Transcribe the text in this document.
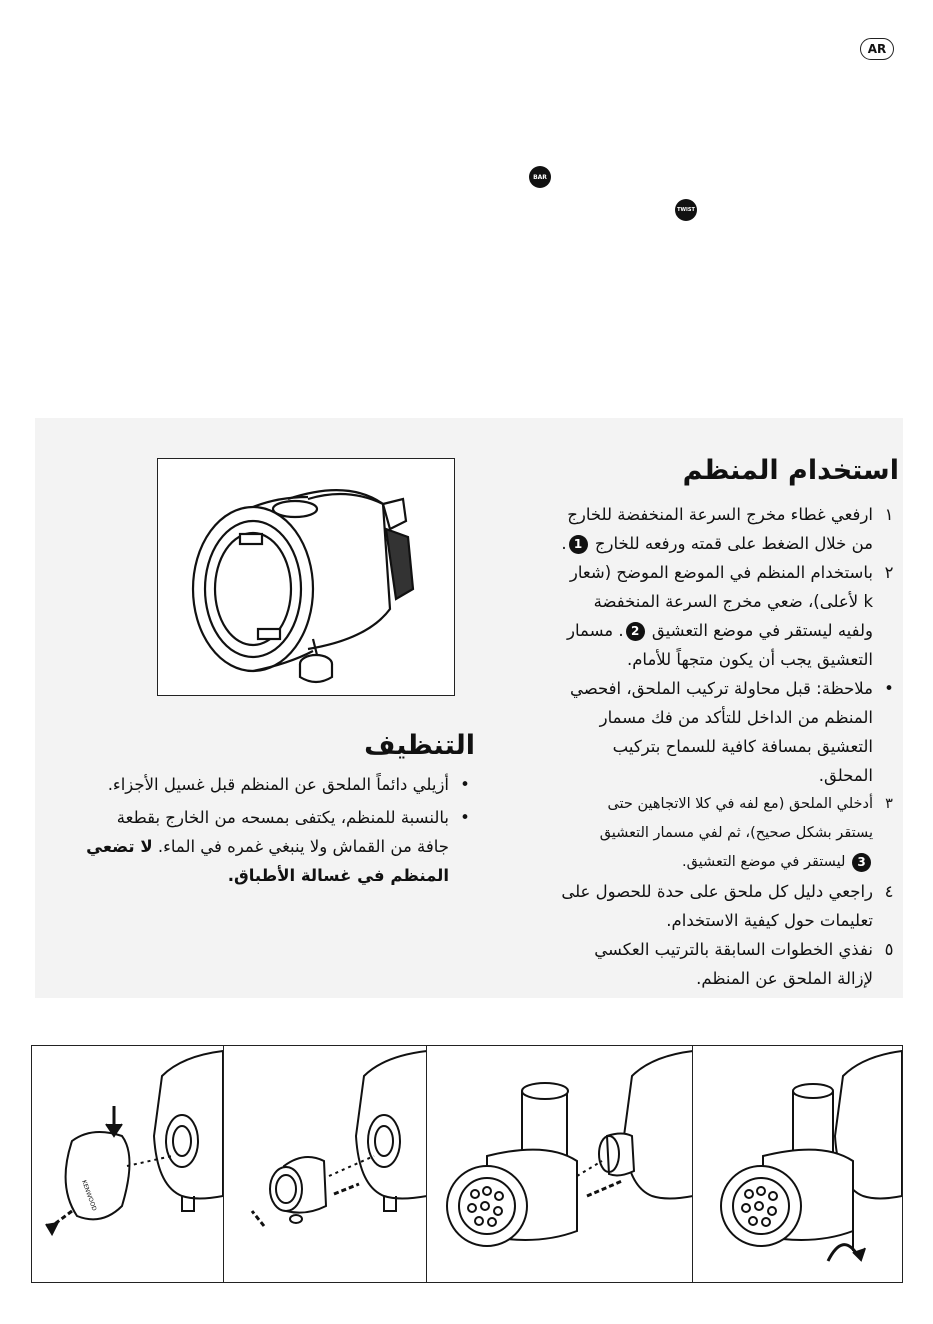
AR
BAR
TWIST
استخدام المنظم
١
ارفعي غطاء مخرج السرعة المنخفضة للخارج
من خلال الضغط على قمته ورفعه للخارج 1.
٢
باستخدام المنظم في الموضع الموضح (شعار
k لأعلى)، ضعي مخرج السرعة المنخفضة
ولفيه ليستقر في موضع التعشيق 2. مسمار التعشيق يجب أن يكون متجهاً للأمام.
•
ملاحظة: قبل محاولة تركيب الملحق، افحصي
المنظم من الداخل للتأكد من فك مسمار
التعشيق بمسافة كافية للسماح بتركيب
المحلق.
٣
أدخلي الملحق (مع لفه في كلا الاتجاهين حتى
يستقر بشكل صحيح)، ثم لفي مسمار التعشيق
3 ليستقر في موضع التعشيق.
٤
راجعي دليل كل ملحق على حدة للحصول على
تعليمات حول كيفية الاستخدام.
٥
نفذي الخطوات السابقة بالترتيب العكسي
لإزالة الملحق عن المنظم.
التنظيف
•
أزيلي دائماً الملحق عن المنظم قبل غسيل الأجزاء.
•
بالنسبة للمنظم، يكتفى بمسحه من الخارج بقطعة جافة من القماش ولا ينبغي غمره في الماء. لا تضعي المنظم في غسالة الأطباق.
KENWOOD
